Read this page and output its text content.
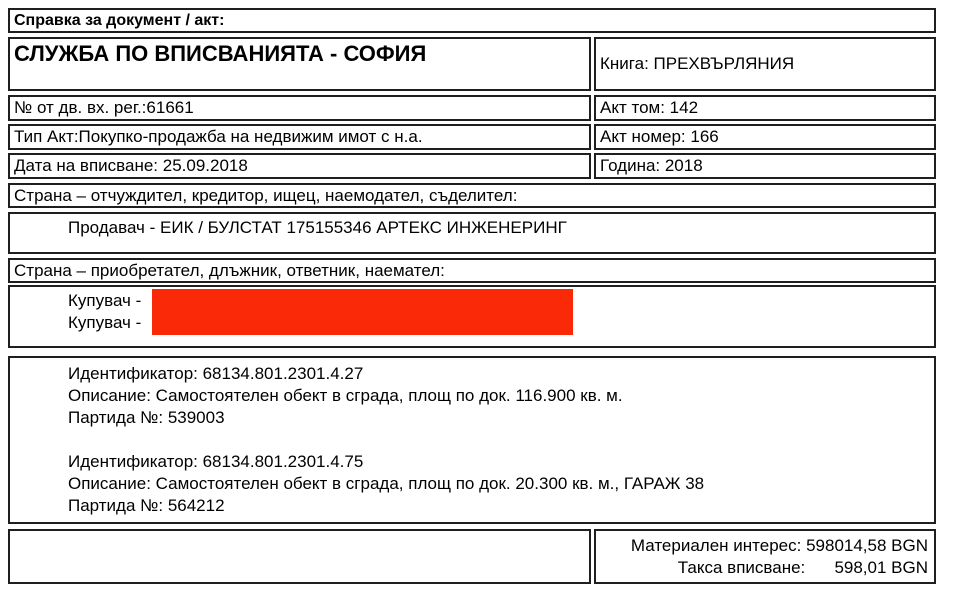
Справка за документ / акт:
СЛУЖБА ПО ВПИСВАНИЯТА - СОФИЯ	Книга: ПРЕХВЪРЛЯНИЯ
№ от дв. вх. рег.:61661	Акт том: 142
Тип Акт:Покупко-продажба на недвижим имот с н.а.	Акт номер: 166
Дата на вписване: 25.09.2018	Година: 2018
Страна – отчуждител, кредитор, ищец, наемодател, съделител:
Продавач - ЕИК / БУЛСТАТ 175155346 АРТЕКС ИНЖЕНЕРИНГ
Страна – приобретател, длъжник, ответник, наемател:
Купувач -
Купувач -
Идентификатор: 68134.801.2301.4.27
Описание: Самостоятелен обект в сграда, площ по док. 116.900 кв. м.
Партида №: 539003
Идентификатор: 68134.801.2301.4.75
Описание: Самостоятелен обект в сграда, площ по док. 20.300 кв. м., ГАРАЖ 38
Партида №: 564212
Материален интерес: 598014,58 BGN
Такса вписване:	598,01 BGN
